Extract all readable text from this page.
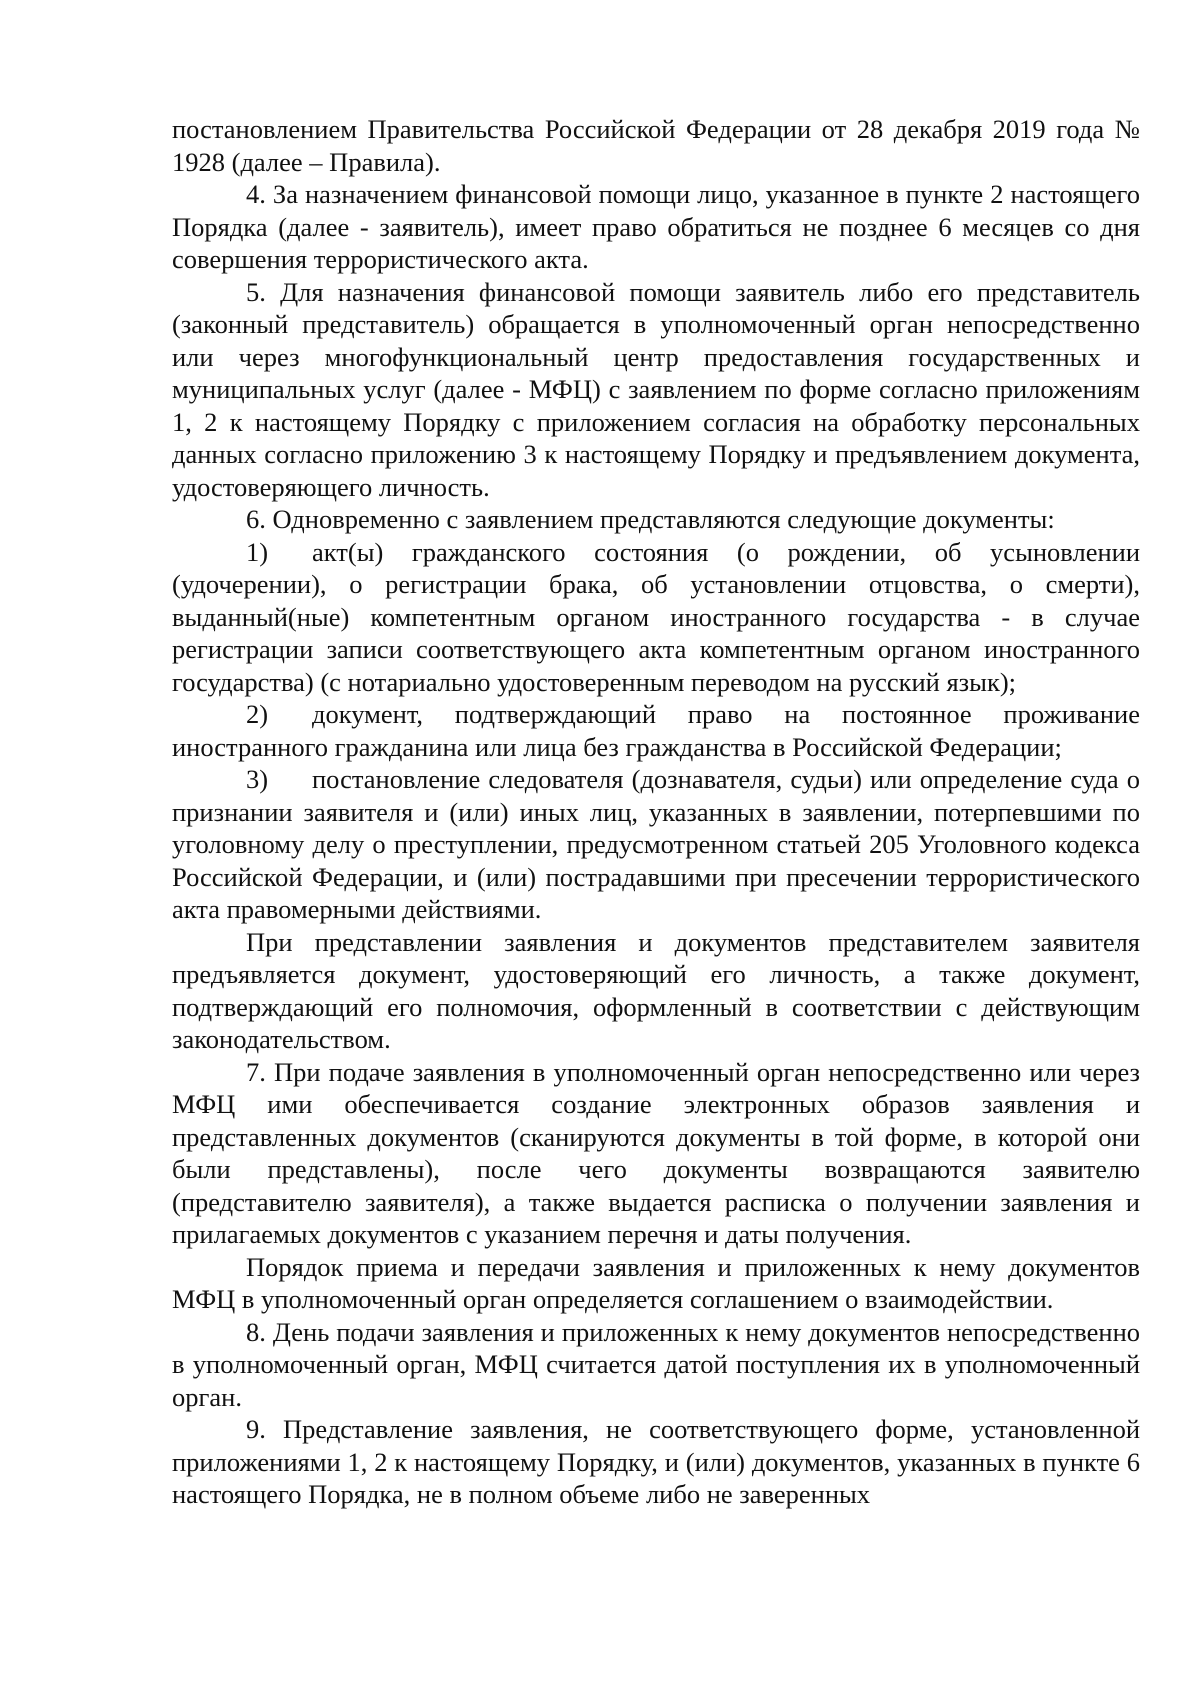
постановлением Правительства Российской Федерации от 28 декабря 2019 года № 1928 (далее – Правила).

4. За назначением финансовой помощи лицо, указанное в пункте 2 настоящего Порядка (далее - заявитель), имеет право обратиться не позднее 6 месяцев со дня совершения террористического акта.

5. Для назначения финансовой помощи заявитель либо его представитель (законный представитель) обращается в уполномоченный орган непосредственно или через многофункциональный центр предоставления государственных и муниципальных услуг (далее - МФЦ) с заявлением по форме согласно приложениям 1, 2 к настоящему Порядку с приложением согласия на обработку персональных данных согласно приложению 3 к настоящему Порядку и предъявлением документа, удостоверяющего личность.

6. Одновременно с заявлением представляются следующие документы:

1) акт(ы) гражданского состояния (о рождении, об усыновлении (удочерении), о регистрации брака, об установлении отцовства, о смерти), выданный(ные) компетентным органом иностранного государства - в случае регистрации записи соответствующего акта компетентным органом иностранного государства) (с нотариально удостоверенным переводом на русский язык);

2) документ, подтверждающий право на постоянное проживание иностранного гражданина или лица без гражданства в Российской Федерации;

3) постановление следователя (дознавателя, судьи) или определение суда о признании заявителя и (или) иных лиц, указанных в заявлении, потерпевшими по уголовному делу о преступлении, предусмотренном статьей 205 Уголовного кодекса Российской Федерации, и (или) пострадавшими при пресечении террористического акта правомерными действиями.

При представлении заявления и документов представителем заявителя предъявляется документ, удостоверяющий его личность, а также документ, подтверждающий его полномочия, оформленный в соответствии с действующим законодательством.

7. При подаче заявления в уполномоченный орган непосредственно или через МФЦ ими обеспечивается создание электронных образов заявления и представленных документов (сканируются документы в той форме, в которой они были представлены), после чего документы возвращаются заявителю (представителю заявителя), а также выдается расписка о получении заявления и прилагаемых документов с указанием перечня и даты получения.

Порядок приема и передачи заявления и приложенных к нему документов МФЦ в уполномоченный орган определяется соглашением о взаимодействии.

8. День подачи заявления и приложенных к нему документов непосредственно в уполномоченный орган, МФЦ считается датой поступления их в уполномоченный орган.

9. Представление заявления, не соответствующего форме, установленной приложениями 1, 2 к настоящему Порядку, и (или) документов, указанных в пункте 6 настоящего Порядка, не в полном объеме либо не заверенных
